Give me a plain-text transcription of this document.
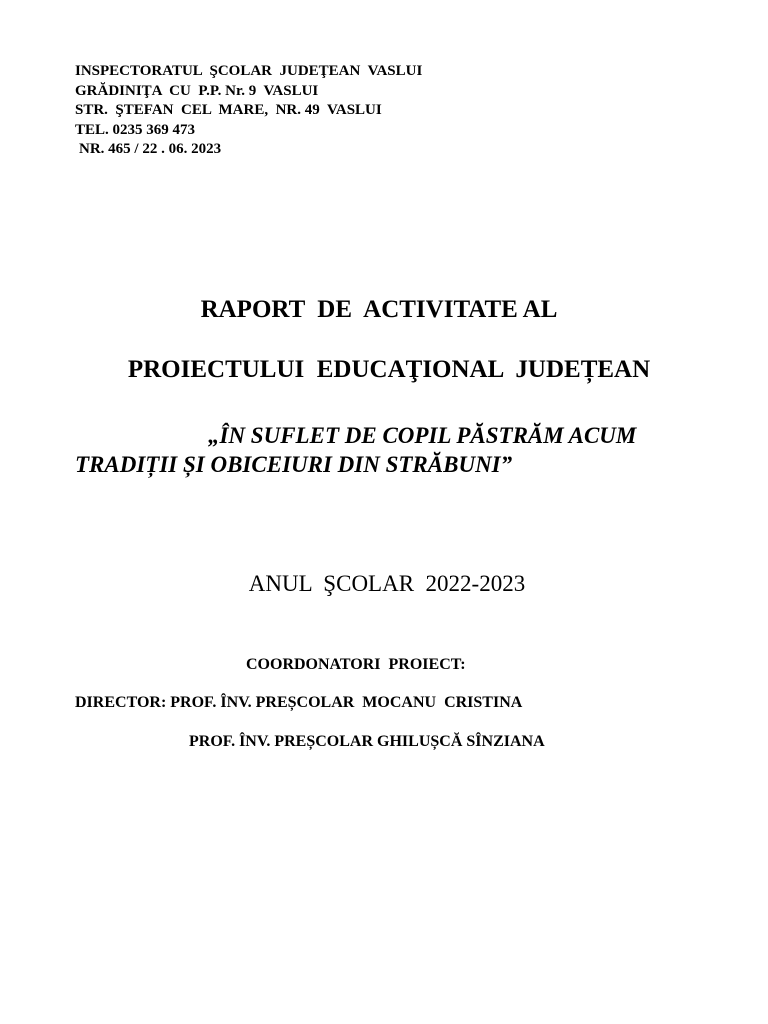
INSPECTORATUL  ŞCOLAR  JUDEŢEAN  VASLUI
GRĂDINIŢA  CU  P.P. Nr. 9  VASLUI
STR.  ŞTEFAN  CEL  MARE,  NR. 49  VASLUI
TEL. 0235 369 473
NR. 465 / 22 . 06. 2023
RAPORT  DE  ACTIVITATE AL
PROIECTULUI  EDUCAŢIONAL  JUDEȚEAN
„ÎN SUFLET DE COPIL PĂSTRĂM ACUM
TRADIȚII ȘI OBICEIURI DIN STRĂBUNI”
ANUL  ŞCOLAR  2022-2023
COORDONATORI  PROIECT:
DIRECTOR: PROF. ÎNV. PREȘCOLAR  MOCANU  CRISTINA
PROF. ÎNV. PREȘCOLAR GHILUȘCĂ SÎNZIANA
